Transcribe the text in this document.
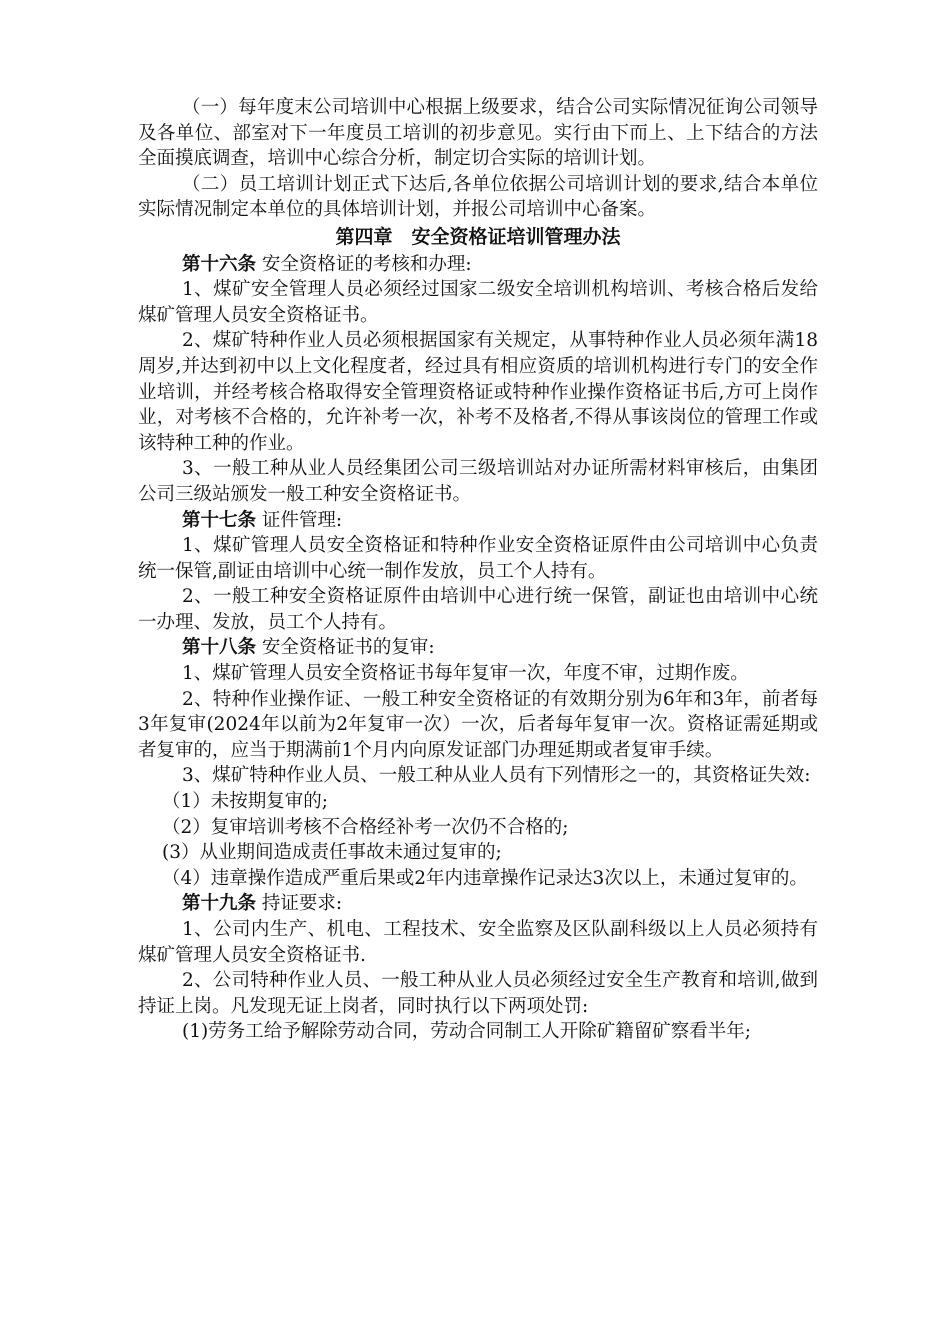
（一）每年度末公司培训中心根据上级要求，结合公司实际情况征询公司领导及各单位、部室对下一年度员工培训的初步意见。实行由下而上、上下结合的方法全面摸底调查，培训中心综合分析，制定切合实际的培训计划。

（二）员工培训计划正式下达后,各单位依据公司培训计划的要求,结合本单位实际情况制定本单位的具体培训计划，并报公司培训中心备案。

第四章　安全资格证培训管理办法

第十六条 安全资格证的考核和办理:

1、煤矿安全管理人员必须经过国家二级安全培训机构培训、考核合格后发给煤矿管理人员安全资格证书。

2、煤矿特种作业人员必须根据国家有关规定，从事特种作业人员必须年满18周岁,并达到初中以上文化程度者，经过具有相应资质的培训机构进行专门的安全作业培训，并经考核合格取得安全管理资格证或特种作业操作资格证书后,方可上岗作业，对考核不合格的，允许补考一次，补考不及格者,不得从事该岗位的管理工作或该特种工种的作业。

3、一般工种从业人员经集团公司三级培训站对办证所需材料审核后，由集团公司三级站颁发一般工种安全资格证书。

第十七条 证件管理:

1、煤矿管理人员安全资格证和特种作业安全资格证原件由公司培训中心负责统一保管,副证由培训中心统一制作发放，员工个人持有。

2、一般工种安全资格证原件由培训中心进行统一保管，副证也由培训中心统一办理、发放，员工个人持有。

第十八条 安全资格证书的复审:

1、煤矿管理人员安全资格证书每年复审一次，年度不审，过期作废。

2、特种作业操作证、一般工种安全资格证的有效期分别为6年和3年，前者每3年复审(2024年以前为2年复审一次）一次，后者每年复审一次。资格证需延期或者复审的，应当于期满前1个月内向原发证部门办理延期或者复审手续。

3、煤矿特种作业人员、一般工种从业人员有下列情形之一的，其资格证失效:

（1）未按期复审的;

（2）复审培训考核不合格经补考一次仍不合格的;

(3）从业期间造成责任事故未通过复审的;

（4）违章操作造成严重后果或2年内违章操作记录达3次以上，未通过复审的。

第十九条 持证要求:

1、公司内生产、机电、工程技术、安全监察及区队副科级以上人员必须持有煤矿管理人员安全资格证书.

2、公司特种作业人员、一般工种从业人员必须经过安全生产教育和培训,做到持证上岗。凡发现无证上岗者，同时执行以下两项处罚:

(1)劳务工给予解除劳动合同，劳动合同制工人开除矿籍留矿察看半年;
